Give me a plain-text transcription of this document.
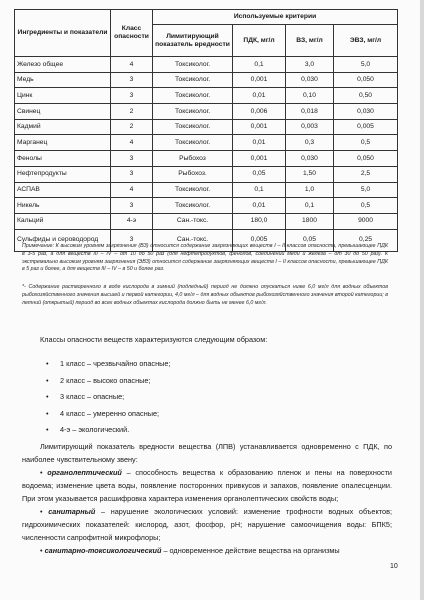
Ингредиенты и показатели	Класс опасности	Используемые критерии			
		Лимитирующий показатель вредности	ПДК, мг/л	ВЗ, мг/л	ЭВЗ, мг/л
Железо общее	4	Токсиколог.	0,1	3,0	5,0
Медь	3	Токсиколог.	0,001	0,030	0,050
Цинк	3	Токсиколог.	0,01	0,10	0,50
Свинец	2	Токсиколог.	0,006	0,018	0,030
Кадмий	2	Токсиколог.	0,001	0,003	0,005
Марганец	4	Токсиколог.	0,01	0,3	0,5
Фенолы	3	Рыбохоз	0,001	0,030	0,050
Нефтепродукты	3	Рыбохоз.	0,05	1,50	2,5
АСПАВ	4	Токсиколог.	0,1	1,0	5,0
Никель	3	Токсиколог.	0,01	0,1	0,5
Кальций	4-э	Сан.-токс.	180,0	1800	9000
Сульфиды и сероводород	3	Сан.-токс.	0,005	0,05	0,25
Примечание: К высоким уровням загрязнения (ВЗ) относится содержание загрязняющих веществ I – II классов опасности, превышающее ПДК в 3-5 раз, а для веществ III – IV – от 10 до 50 раз (для нефтепродуктов, фенолов, соединений меди и железа – от 30 до 50 раз). К экстремально высоким уровням загрязнения (ЭВЗ) относится содержание загрязняющих веществ I – II классов опасности, превышающее ПДК в 5 раз и более, а для веществ III – IV – в 50 и более раз.
*- Содержание растворенного в воде кислорода в зимний (подледный) период не должно опускаться ниже 6,0 мг/л для водных объектов рыбохозяйственного значения высшей и первой категории, 4,0 мг/л – для водных объектов рыбохозяйственного значения второй категории; в летний (открытый) период во всех водных объектах кислорода должно быть не менее 6,0 мг/л.

Классы опасности веществ характеризуются следующим образом:

• 1 класс – чрезвычайно опасные;
• 2 класс – высоко опасные;
• 3 класс – опасные;
• 4 класс – умеренно опасные;
• 4-э – экологический.

Лимитирующий показатель вредности вещества (ЛПВ) устанавливается одновременно с ПДК, по наиболее чувствительному звену:

• органолептический – способность вещества к образованию пленок и пены на поверхности водоема; изменение цвета воды, появление посторонних привкусов и запахов, появление опалесценции. При этом указывается расшифровка характера изменения органолептических свойств воды;

• санитарный – нарушение экологических условий: изменение трофности водных объектов; гидрохимических показателей: кислород, азот, фосфор, рН; нарушение самоочищения воды: БПК5; численности сапрофитной микрофлоры;

• санитарно-токсикологический – одновременное действие вещества на организмы

10
